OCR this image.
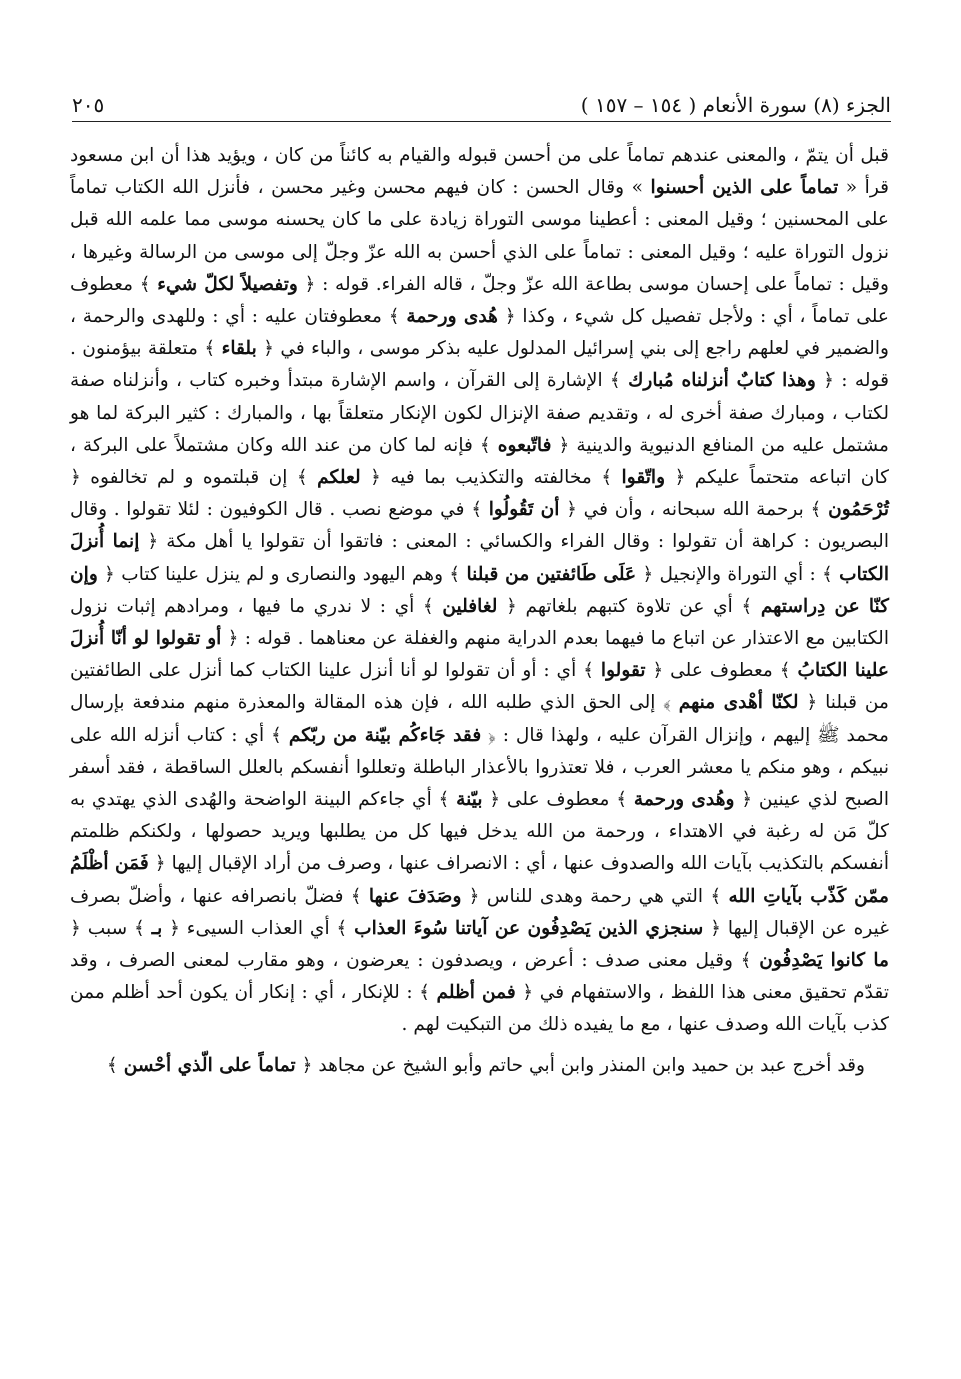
٢٠٥	الجزء (٨) سورة الأنعام ( ١٥٤ – ١٥٧ )

قبل أن يتمّ ، والمعنى عندهم تماماً على من أحسن قبوله والقيام به كائناً من كان ، ويؤيد هذا أن ابن مسعود قرأ « تماماً على الذين أحسنوا » وقال الحسن : كان فيهم محسن وغير محسن ، فأنزل الله الكتاب تماماً على المحسنين ؛ وقيل المعنى : أعطينا موسى التوراة زيادة على ما كان يحسنه موسى مما علمه الله قبل نزول التوراة عليه ؛ وقيل المعنى : تماماً على الذي أحسن به الله عزّ وجلّ إلى موسى من الرسالة وغيرها ، وقيل : تماماً على إحسان موسى بطاعة الله عزّ وجلّ ، قاله الفراء. قوله : ﴿ وتفصيلاً لكلّ شيء ﴾ معطوف على تماماً ، أي : ولأجل تفصيل كل شيء ، وكذا ﴿ هُدى ورحمة ﴾ معطوفتان عليه : أي : وللهدى والرحمة ، والضمير في لعلهم راجع إلى بني إسرائيل المدلول عليه بذكر موسى ، والباء في ﴿ بلقاء ﴾ متعلقة بيؤمنون . قوله : ﴿ وهذا كتابٌ أنزلناه مُبارك ﴾ الإشارة إلى القرآن ، واسم الإشارة مبتدأ وخبره كتاب ، وأنزلناه صفة لكتاب ، ومبارك صفة أخرى له ، وتقديم صفة الإنزال لكون الإنكار متعلقاً بها ، والمبارك : كثير البركة لما هو مشتمل عليه من المنافع الدنيوية والدينية ﴿ فاتّبعوه ﴾ فإنه لما كان من عند الله وكان مشتملاً على البركة ، كان اتباعه متحتماً عليكم ﴿ واتّقوا ﴾ مخالفته والتكذيب بما فيه ﴿ لعلكم ﴾ إن قبلتموه و لم تخالفوه ﴿ تُرْحَمُون ﴾ برحمة الله سبحانه ، وأن في ﴿ أن تَقُولُوا ﴾ في موضع نصب . قال الكوفيون : لئلا تقولوا . وقال البصريون : كراهة أن تقولوا : وقال الفراء والكسائي : المعنى : فاتقوا أن تقولوا يا أهل مكة ﴿ إنما أُنزلَ الكتاب ﴾ : أي التوراة والإنجيل ﴿ عَلَى طَائفتين من قبلنا ﴾ وهم اليهود والنصارى و لم ينزل علينا كتاب ﴿ وإن كنّا عن دِراستهم ﴾ أي عن تلاوة كتبهم بلغاتهم ﴿ لغافلين ﴾ أي : لا ندري ما فيها ، ومرادهم إثبات نزول الكتابين مع الاعتذار عن اتباع ما فيهما بعدم الدراية منهم والغفلة عن معناهما . قوله : ﴿ أو تقولوا لو أنّا أُنزلَ علينا الكتابُ ﴾ معطوف على ﴿ تقولوا ﴾ أي : أو أن تقولوا لو أنا أنزل علينا الكتاب كما أنزل على الطائفتين من قبلنا ﴿ لكنّا أهْدى منهم ﴾ إلى الحق الذي طلبه الله ، فإن هذه المقالة والمعذرة منهم مندفعة بإرسال محمد ﷺ إليهم ، وإنزال القرآن عليه ، ولهذا قال : ﴿ فقد جَاءكُم بيّنة من ربّكم ﴾ أي : كتاب أنزله الله على نبيكم ، وهو منكم يا معشر العرب ، فلا تعتذروا بالأعذار الباطلة وتعللوا أنفسكم بالعلل الساقطة ، فقد أسفر الصبح لذي عينين ﴿ وهُدى ورحمة ﴾ معطوف على ﴿ بيّنة ﴾ أي جاءكم البينة الواضحة والهُدى الذي يهتدي به كلّ مَن له رغبة في الاهتداء ، ورحمة من الله يدخل فيها كل من يطلبها ويريد حصولها ، ولكنكم ظلمتم أنفسكم بالتكذيب بآيات الله والصدوف عنها ، أي : الانصراف عنها ، وصرف من أراد الإقبال إليها ﴿ فَمَن أظْلَمُ ممّن كَذّب بآياتِ الله ﴾ التي هي رحمة وهدى للناس ﴿ وصَدَفَ عنها ﴾ فضلّ بانصرافه عنها ، وأضلّ بصرف غيره عن الإقبال إليها ﴿ سنجزي الذين يَصْدِفُون عن آياتنا سُوءَ العذاب ﴾ أي العذاب السيىء ﴿ بـ ﴾ سبب ﴿ ما كانوا يَصْدِفُون ﴾ وقيل معنى صدف : أعرض ، ويصدفون : يعرضون ، وهو مقارب لمعنى الصرف ، وقد تقدّم تحقيق معنى هذا اللفظ ، والاستفهام في ﴿ فمن أظلم ﴾ : للإنكار ، أي : إنكار أن يكون أحد أظلم ممن كذب بآيات الله وصدف عنها ، مع ما يفيده ذلك من التبكيت لهم .

وقد أخرج عبد بن حميد وابن المنذر وابن أبي حاتم وأبو الشيخ عن مجاهد ﴿ تماماً على الّذي أحْسن ﴾
